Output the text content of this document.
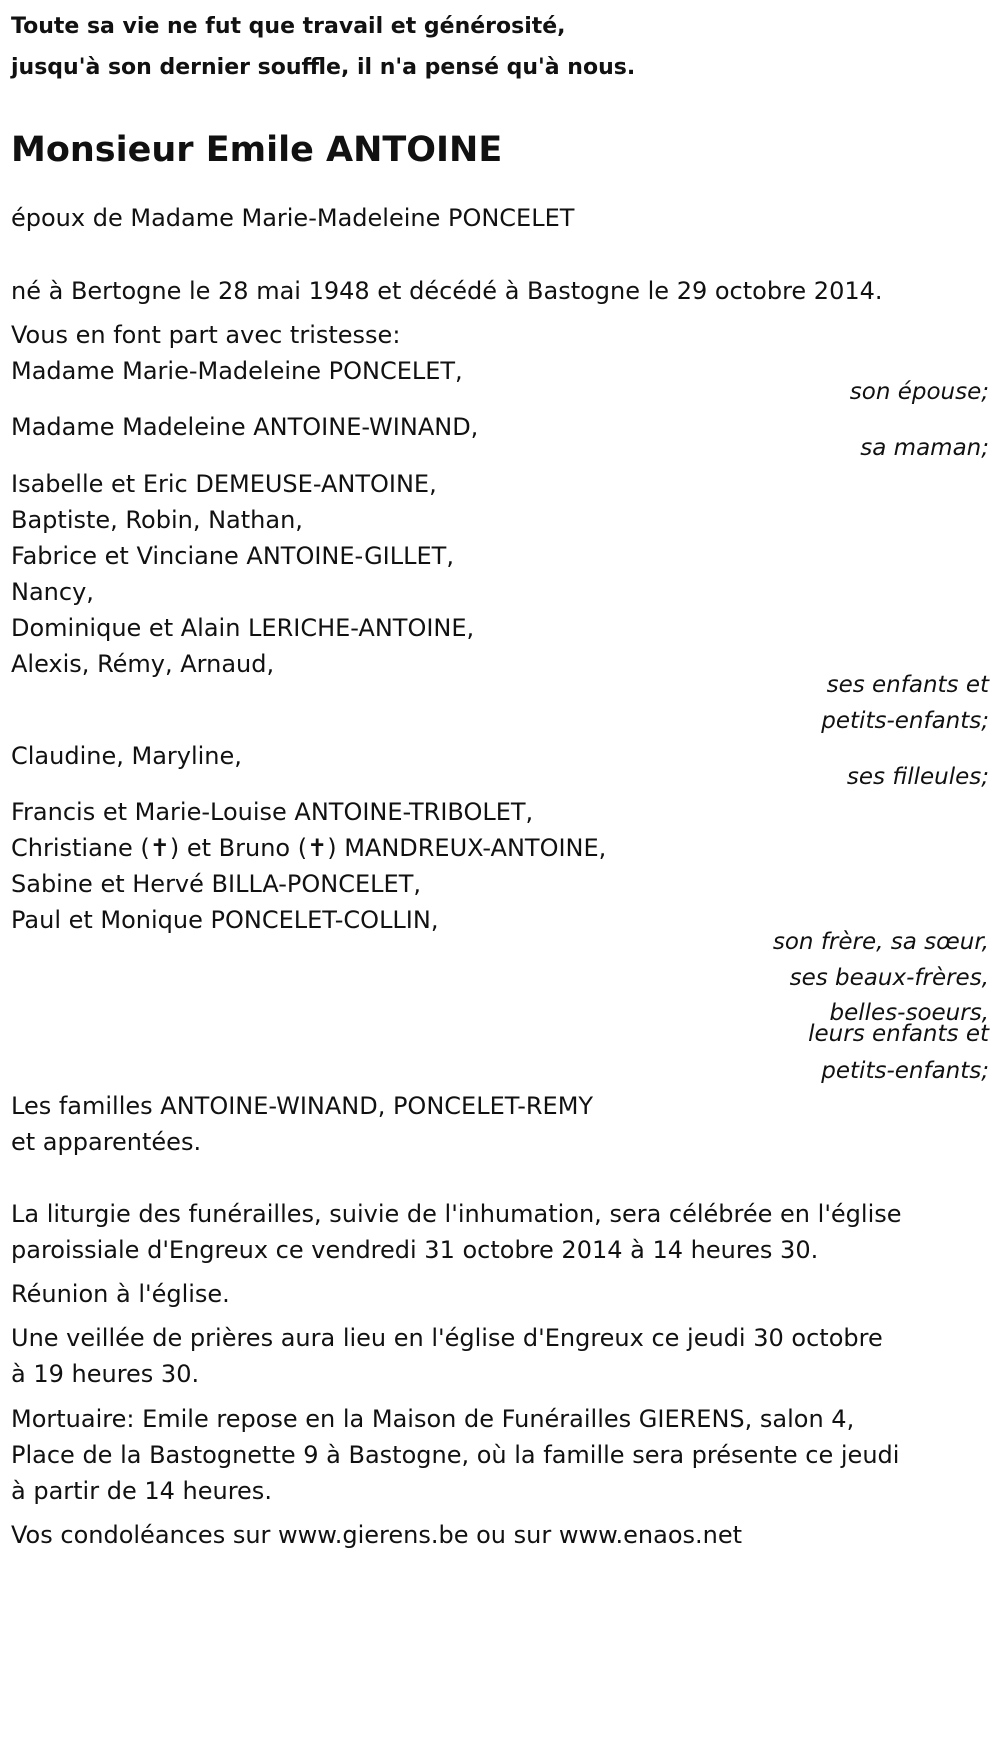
Toute sa vie ne fut que travail et générosité,
jusqu'à son dernier souffle, il n'a pensé qu'à nous.
Monsieur Emile ANTOINE
époux de Madame Marie-Madeleine PONCELET
né à Bertogne le 28 mai 1948 et décédé à Bastogne le 29 octobre 2014.
Vous en font part avec tristesse:
Madame Marie-Madeleine PONCELET,
son épouse;
Madame Madeleine ANTOINE-WINAND,
sa maman;
Isabelle et Eric DEMEUSE-ANTOINE,
Baptiste, Robin, Nathan,
Fabrice et Vinciane ANTOINE-GILLET,
Nancy,
Dominique et Alain LERICHE-ANTOINE,
Alexis, Rémy, Arnaud,
ses enfants et
petits-enfants;
Claudine, Maryline,
ses filleules;
Francis et Marie-Louise ANTOINE-TRIBOLET,
Christiane (✝) et Bruno (✝) MANDREUX-ANTOINE,
Sabine et Hervé BILLA-PONCELET,
Paul et Monique PONCELET-COLLIN,
son frère, sa sœur,
ses beaux-frères,
belles-soeurs,
leurs enfants et
petits-enfants;
Les familles ANTOINE-WINAND, PONCELET-REMY
et apparentées.
La liturgie des funérailles, suivie de l'inhumation, sera célébrée en l'église
paroissiale d'Engreux ce vendredi 31 octobre 2014 à 14 heures 30.
Réunion à l'église.
Une veillée de prières aura lieu en l'église d'Engreux ce jeudi 30 octobre
à 19 heures 30.
Mortuaire: Emile repose en la Maison de Funérailles GIERENS, salon 4,
Place de la Bastognette 9 à Bastogne, où la famille sera présente ce jeudi
à partir de 14 heures.
Vos condoléances sur www.gierens.be ou sur www.enaos.net
